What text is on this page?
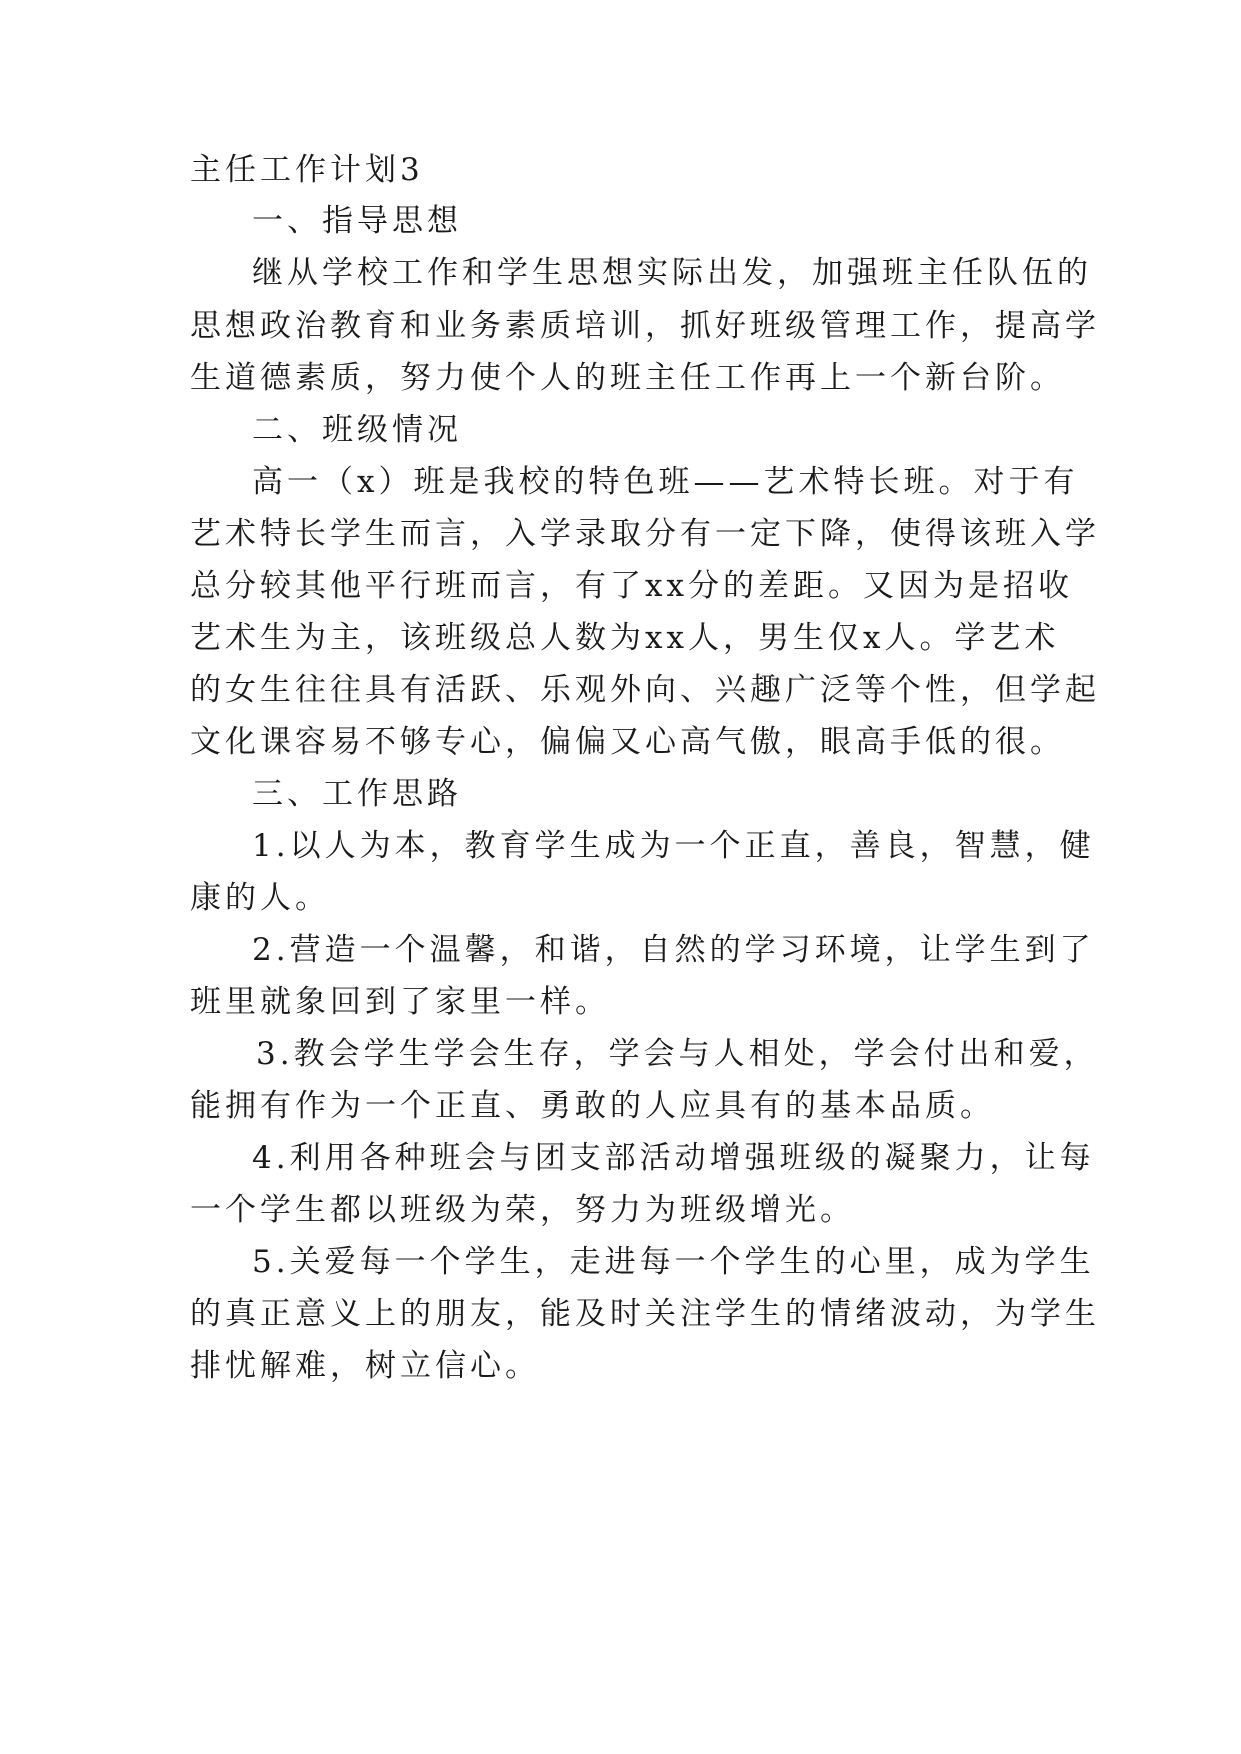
主任工作计划3
一、指导思想
继从学校工作和学生思想实际出发，加强班主任队伍的
思想政治教育和业务素质培训，抓好班级管理工作，提高学
生道德素质，努力使个人的班主任工作再上一个新台阶。
二、班级情况
高一（x）班是我校的特色班——艺术特长班。对于有
艺术特长学生而言，入学录取分有一定下降，使得该班入学
总分较其他平行班而言，有了xx分的差距。又因为是招收
艺术生为主，该班级总人数为xx人，男生仅x人。学艺术
的女生往往具有活跃、乐观外向、兴趣广泛等个性，但学起
文化课容易不够专心，偏偏又心高气傲，眼高手低的很。
三、工作思路
1.以人为本，教育学生成为一个正直，善良，智慧，健
康的人。
2.营造一个温馨，和谐，自然的学习环境，让学生到了
班里就象回到了家里一样。
3.教会学生学会生存，学会与人相处，学会付出和爱，
能拥有作为一个正直、勇敢的人应具有的基本品质。
4.利用各种班会与团支部活动增强班级的凝聚力，让每
一个学生都以班级为荣，努力为班级增光。
5.关爱每一个学生，走进每一个学生的心里，成为学生
的真正意义上的朋友，能及时关注学生的情绪波动，为学生
排忧解难，树立信心。
